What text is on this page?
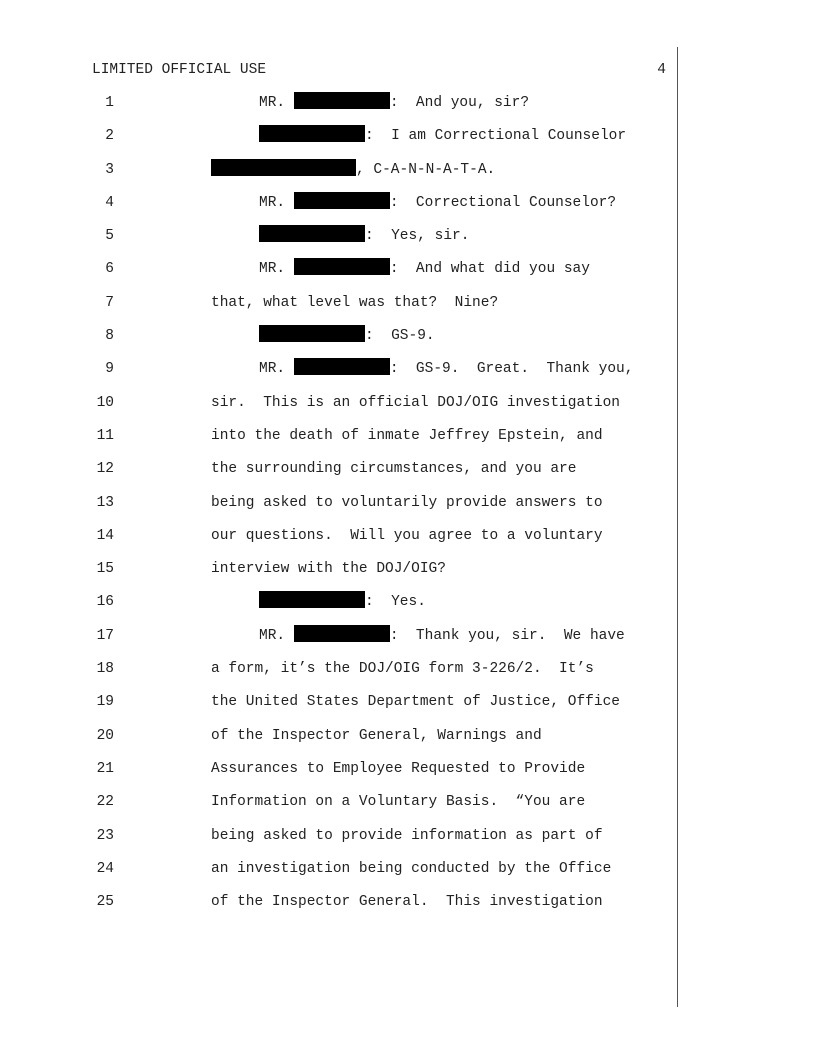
LIMITED OFFICIAL USE	4
1	MR.	:  And you, sir?
2	:  I am Correctional Counselor
3	, C-A-N-N-A-T-A.
4	MR.	:  Correctional Counselor?
5	:  Yes, sir.
6	MR.	:  And what did you say
7	that, what level was that?  Nine?
8	:  GS-9.
9	MR.	:  GS-9.  Great.  Thank you,
10	sir.  This is an official DOJ/OIG investigation
11	into the death of inmate Jeffrey Epstein, and
12	the surrounding circumstances, and you are
13	being asked to voluntarily provide answers to
14	our questions.  Will you agree to a voluntary
15	interview with the DOJ/OIG?
16	:  Yes.
17	MR.	:  Thank you, sir.  We have
18	a form, it’s the DOJ/OIG form 3-226/2.  It’s
19	the United States Department of Justice, Office
20	of the Inspector General, Warnings and
21	Assurances to Employee Requested to Provide
22	Information on a Voluntary Basis.  “You are
23	being asked to provide information as part of
24	an investigation being conducted by the Office
25	of the Inspector General.  This investigation
